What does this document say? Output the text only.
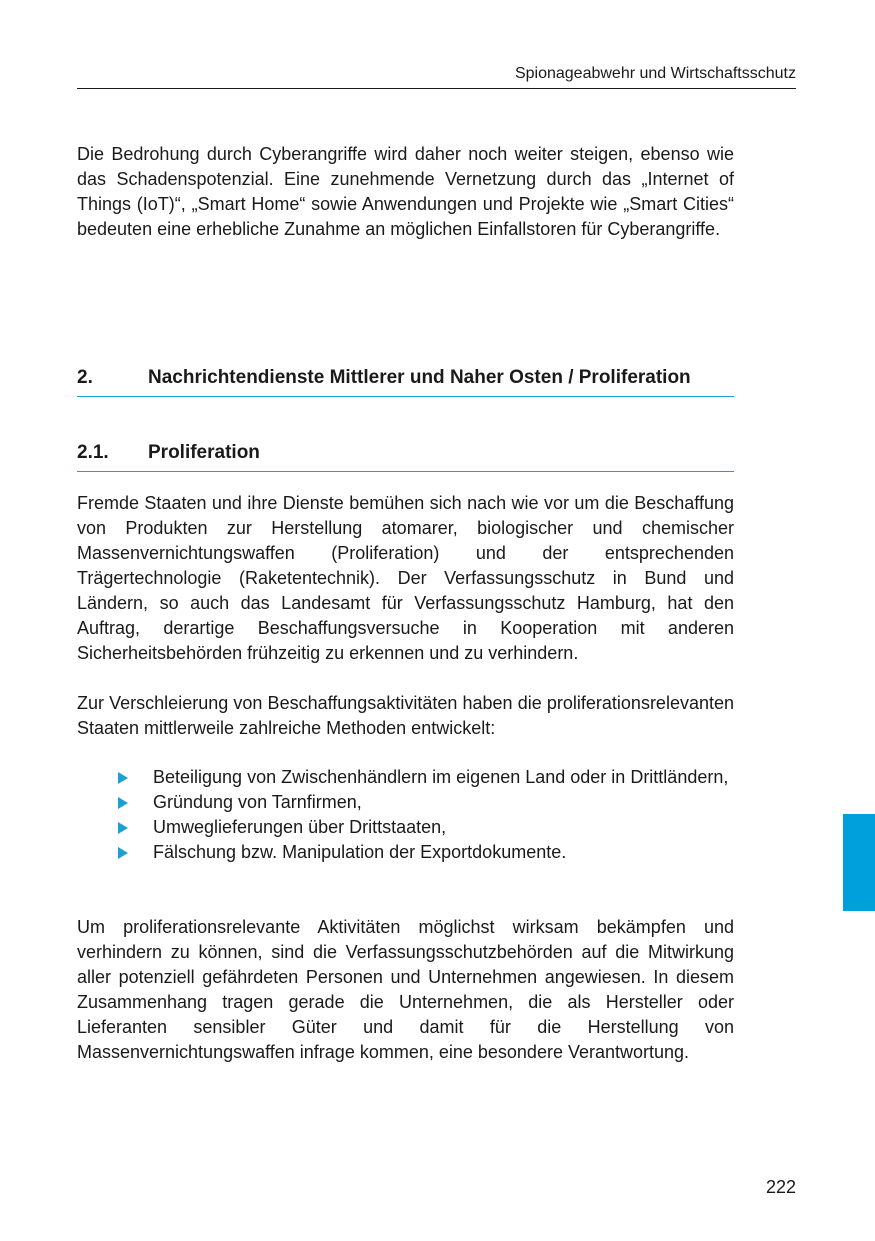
Spionageabwehr und Wirtschaftsschutz

Die Bedrohung durch Cyberangriffe wird daher noch weiter steigen, ebenso wie das Schadenspotenzial. Eine zunehmende Vernetzung durch das „Internet of Things (IoT)“, „Smart Home“ sowie Anwendungen und Projekte wie „Smart Cities“ bedeuten eine erhebliche Zunahme an möglichen Einfallstoren für Cyberangriffe.

2.	Nachrichtendienste Mittlerer und Naher Osten / Proliferation
2.1. Proliferation

Fremde Staaten und ihre Dienste bemühen sich nach wie vor um die Beschaffung von Produkten zur Herstellung atomarer, biologischer und chemischer Massenvernichtungswaffen (Proliferation) und der entsprechenden Trägertechnologie (Raketentechnik). Der Verfassungsschutz in Bund und Ländern, so auch das Landesamt für Verfassungsschutz Hamburg, hat den Auftrag, derartige Beschaffungsversuche in Kooperation mit anderen Sicherheitsbehörden frühzeitig zu erkennen und zu verhindern.

Zur Verschleierung von Beschaffungsaktivitäten haben die proliferationsrelevanten Staaten mittlerweile zahlreiche Methoden entwickelt:

Beteiligung von Zwischenhändlern im eigenen Land oder in Drittländern,
Gründung von Tarnfirmen,
Umweglieferungen über Drittstaaten,
Fälschung bzw. Manipulation der Exportdokumente.

Um proliferationsrelevante Aktivitäten möglichst wirksam bekämpfen und verhindern zu können, sind die Verfassungsschutzbehörden auf die Mitwirkung aller potenziell gefährdeten Personen und Unternehmen angewiesen. In diesem Zusammenhang tragen gerade die Unternehmen, die als Hersteller oder Lieferanten sensibler Güter und damit für die Herstellung von Massenvernichtungswaffen infrage kommen, eine besondere Verantwortung.

222
